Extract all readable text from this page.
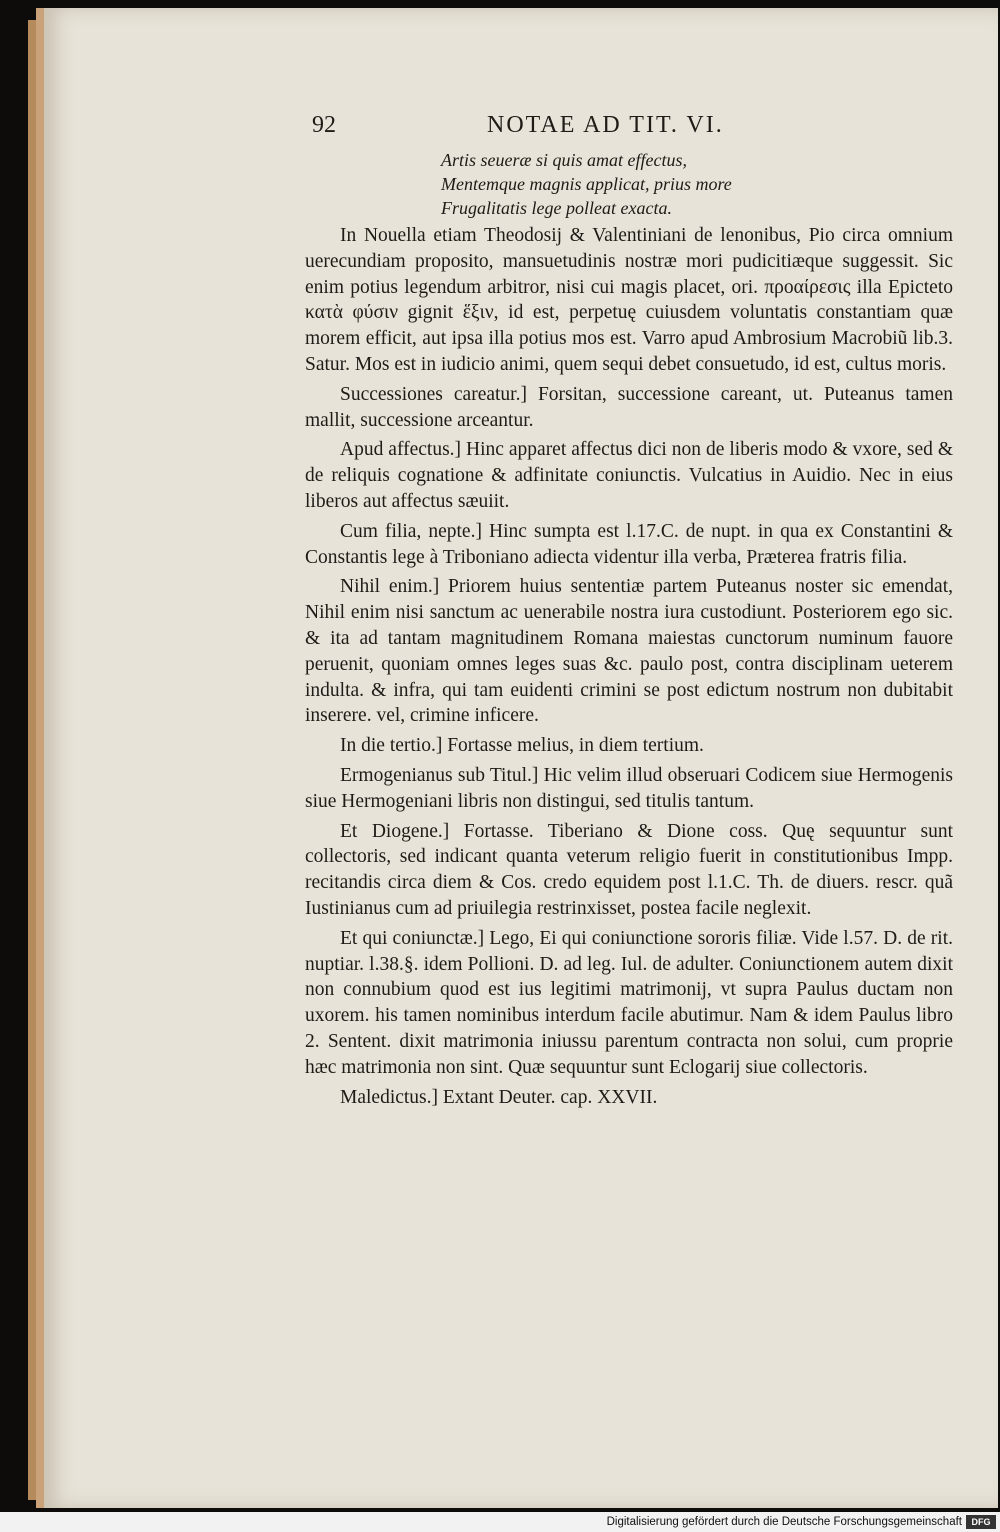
92	NOTAE AD TIT. VI.
Artis seueræ si quis amat effectus,
Mentemque magnis applicat, prius more
Frugalitatis lege polleat exacta.

In Nouella etiam Theodosij & Valentiniani de lenonibus, Pio circa omnium uerecundiam proposito, mansuetudinis nostræ mori pudicitiæque suggessit. Sic enim potius legendum arbitror, nisi cui magis placet, ori. προαίρεσις illa Epicteto κατὰ φύσιν gignit ἕξιν, id est, perpetuę cuiusdem voluntatis constantiam quæ morem efficit, aut ipsa illa potius mos est. Varro apud Ambrosium Macrobiũ lib.3. Satur. Mos est in iudicio animi, quem sequi debet consuetudo, id est, cultus moris.

Successiones careatur.] Forsitan, successione careant, ut. Puteanus tamen mallit, successione arceantur.

Apud affectus.] Hinc apparet affectus dici non de liberis modo & vxore, sed & de reliquis cognatione & adfinitate coniunctis. Vulcatius in Auidio. Nec in eius liberos aut affectus sæuiit.

Cum filia, nepte.] Hinc sumpta est l.17.C. de nupt. in qua ex Constantini & Constantis lege à Triboniano adiecta videntur illa verba, Præterea fratris filia.

Nihil enim.] Priorem huius sententiæ partem Puteanus noster sic emendat, Nihil enim nisi sanctum ac uenerabile nostra iura custodiunt. Posteriorem ego sic. & ita ad tantam magnitudinem Romana maiestas cunctorum numinum fauore peruenit, quoniam omnes leges suas &c. paulo post, contra disciplinam ueterem indulta. & infra, qui tam euidenti crimini se post edictum nostrum non dubitabit inserere. vel, crimine inficere.

In die tertio.] Fortasse melius, in diem tertium.

Ermogenianus sub Titul.] Hic velim illud obseruari Codicem siue Hermogenis siue Hermogeniani libris non distingui, sed titulis tantum.

Et Diogene.] Fortasse. Tiberiano & Dione coss. Quę sequuntur sunt collectoris, sed indicant quanta veterum religio fuerit in constitutionibus Impp. recitandis circa diem & Cos. credo equidem post l.1.C. Th. de diuers. rescr. quã Iustinianus cum ad priuilegia restrinxisset, postea facile neglexit.

Et qui coniunctæ.] Lego, Ei qui coniunctione sororis filiæ. Vide l.57. D. de rit. nuptiar. l.38.§. idem Pollioni. D. ad leg. Iul. de adulter. Coniunctionem autem dixit non connubium quod est ius legitimi matrimonij, vt supra Paulus ductam non uxorem. his tamen nominibus interdum facile abutimur. Nam & idem Paulus libro 2. Sentent. dixit matrimonia iniussu parentum contracta non solui, cum proprie hæc matrimonia non sint. Quæ sequuntur sunt Eclogarij siue collectoris.

Maledictus.] Extant Deuter. cap. XXVII.

Digitalisierung gefördert durch die Deutsche Forschungsgemeinschaft	DFG
